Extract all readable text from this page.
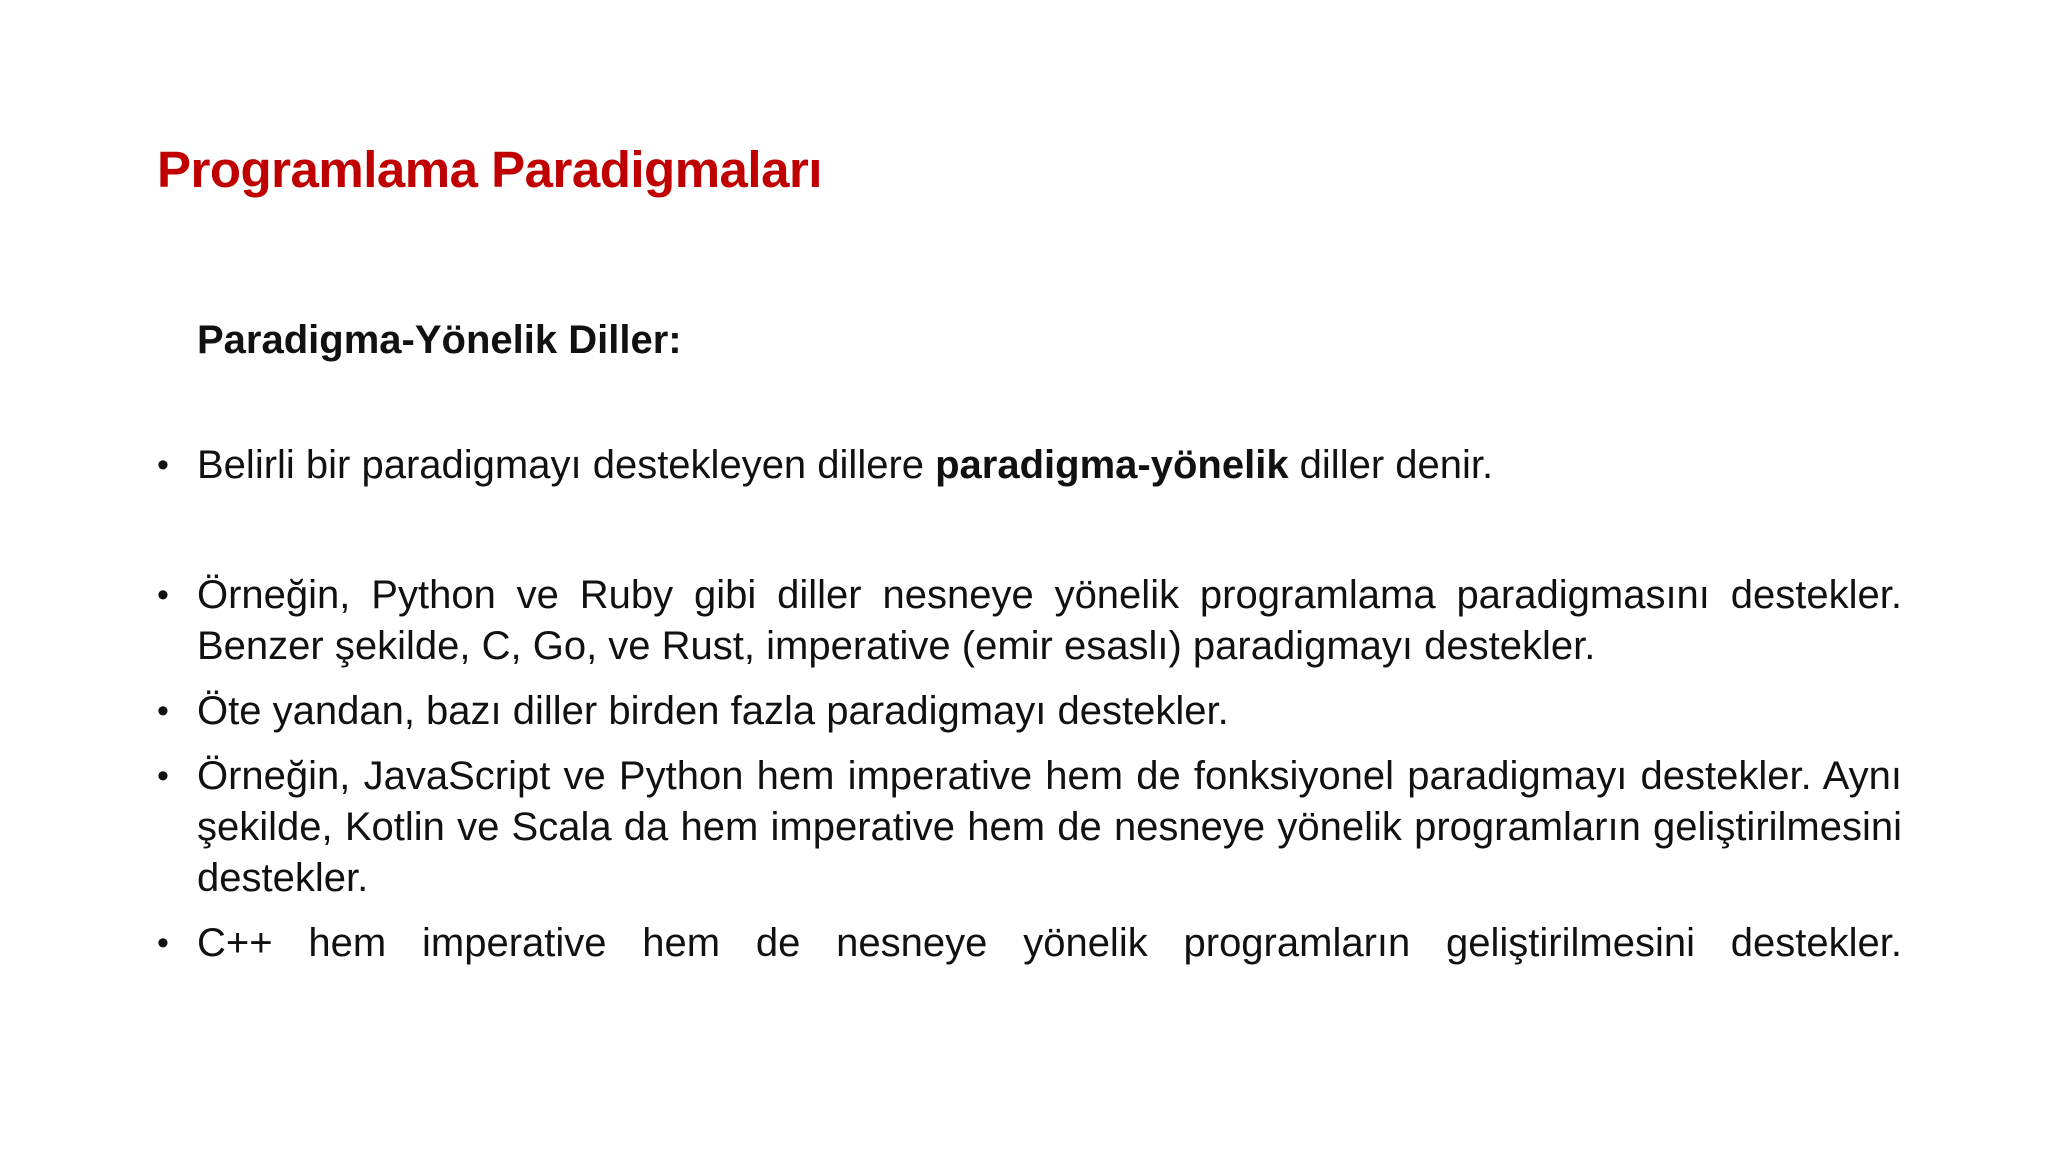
Programlama Paradigmaları
Paradigma-Yönelik Diller:
• Belirli bir paradigmayı destekleyen dillere paradigma-yönelik diller denir.
• Örneğin, Python ve Ruby gibi diller nesneye yönelik programlama paradigmasını destekler. Benzer şekilde, C, Go, ve Rust, imperative (emir esaslı) paradigmayı destekler.
• Öte yandan, bazı diller birden fazla paradigmayı destekler.
• Örneğin, JavaScript ve Python hem imperative hem de fonksiyonel paradigmayı destekler. Aynı şekilde, Kotlin ve Scala da hem imperative hem de nesneye yönelik programların geliştirilmesini destekler.
• C++ hem imperative hem de nesneye yönelik programların geliştirilmesini destekler.
